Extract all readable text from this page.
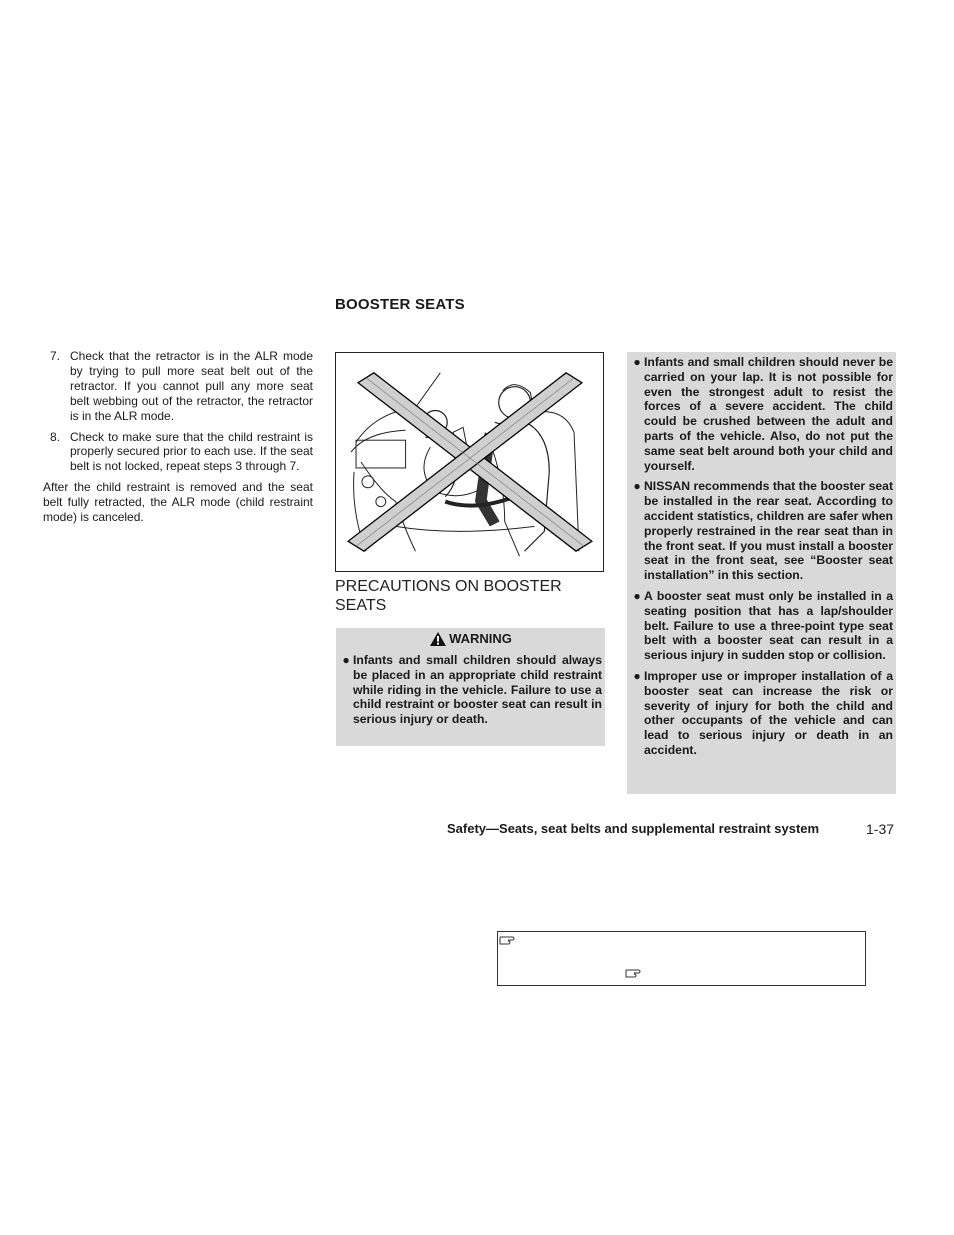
BOOSTER SEATS
7. Check that the retractor is in the ALR mode by trying to pull more seat belt out of the retractor. If you cannot pull any more seat belt webbing out of the retractor, the retractor is in the ALR mode.
8. Check to make sure that the child restraint is properly secured prior to each use. If the seat belt is not locked, repeat steps 3 through 7.
After the child restraint is removed and the seat belt fully retracted, the ALR mode (child restraint mode) is canceled.
PRECAUTIONS ON BOOSTER SEATS
WARNING
● Infants and small children should always be placed in an appropriate child restraint while riding in the vehicle. Failure to use a child restraint or booster seat can result in serious injury or death.
● Infants and small children should never be carried on your lap. It is not possible for even the strongest adult to resist the forces of a severe accident. The child could be crushed between the adult and parts of the vehicle. Also, do not put the same seat belt around both your child and yourself.
● NISSAN recommends that the booster seat be installed in the rear seat. According to accident statistics, children are safer when properly restrained in the rear seat than in the front seat. If you must install a booster seat in the front seat, see “Booster seat installation” in this section.
● A booster seat must only be installed in a seating position that has a lap/shoulder belt. Failure to use a three-point type seat belt with a booster seat can result in a serious injury in sudden stop or collision.
● Improper use or improper installation of a booster seat can increase the risk or severity of injury for both the child and other occupants of the vehicle and can lead to serious injury or death in an accident.
Safety—Seats, seat belts and supplemental restraint system	1-37
